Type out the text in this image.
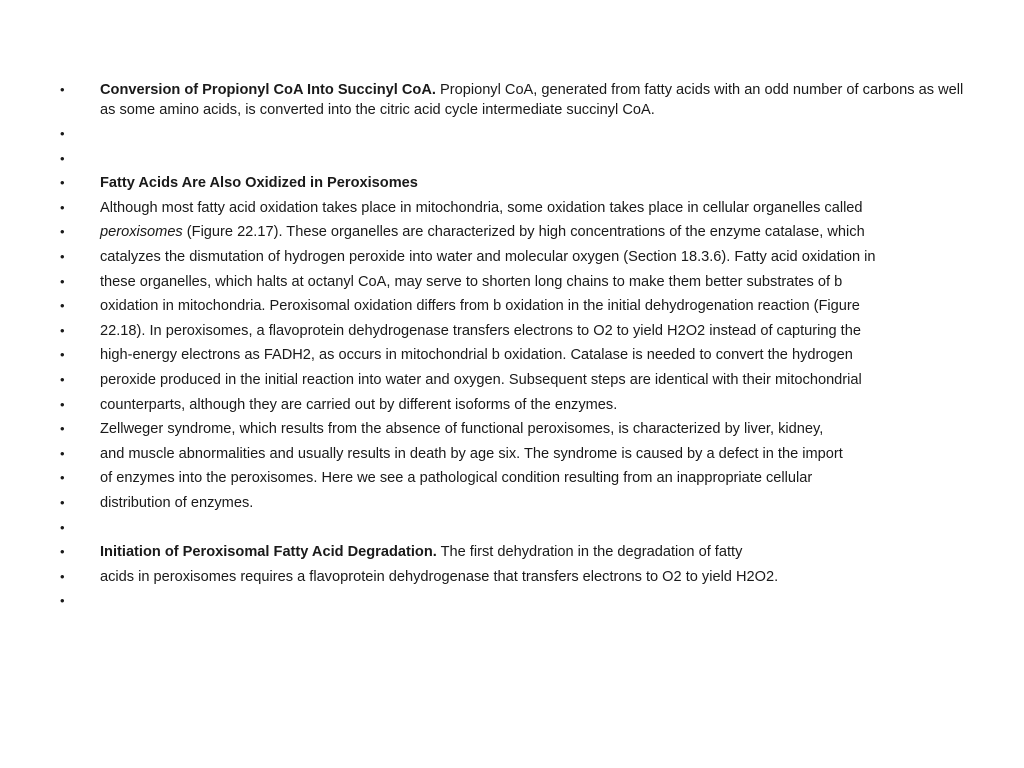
• Conversion of Propionyl CoA Into Succinyl CoA. Propionyl CoA, generated from fatty acids with an odd number of carbons as well as some amino acids, is converted into the citric acid cycle intermediate succinyl CoA.
•
•
• Fatty Acids Are Also Oxidized in Peroxisomes
• Although most fatty acid oxidation takes place in mitochondria, some oxidation takes place in cellular organelles called
• peroxisomes (Figure 22.17). These organelles are characterized by high concentrations of the enzyme catalase, which
• catalyzes the dismutation of hydrogen peroxide into water and molecular oxygen (Section 18.3.6). Fatty acid oxidation in
• these organelles, which halts at octanyl CoA, may serve to shorten long chains to make them better substrates of b
• oxidation in mitochondria. Peroxisomal oxidation differs from b oxidation in the initial dehydrogenation reaction (Figure
• 22.18). In peroxisomes, a flavoprotein dehydrogenase transfers electrons to O2 to yield H2O2 instead of capturing the
• high-energy electrons as FADH2, as occurs in mitochondrial b oxidation. Catalase is needed to convert the hydrogen
• peroxide produced in the initial reaction into water and oxygen. Subsequent steps are identical with their mitochondrial
• counterparts, although they are carried out by different isoforms of the enzymes.
• Zellweger syndrome, which results from the absence of functional peroxisomes, is characterized by liver, kidney,
• and muscle abnormalities and usually results in death by age six. The syndrome is caused by a defect in the import
• of enzymes into the peroxisomes. Here we see a pathological condition resulting from an inappropriate cellular
• distribution of enzymes.
•
• Initiation of Peroxisomal Fatty Acid Degradation. The first dehydration in the degradation of fatty
• acids in peroxisomes requires a flavoprotein dehydrogenase that transfers electrons to O2 to yield H2O2.
•
